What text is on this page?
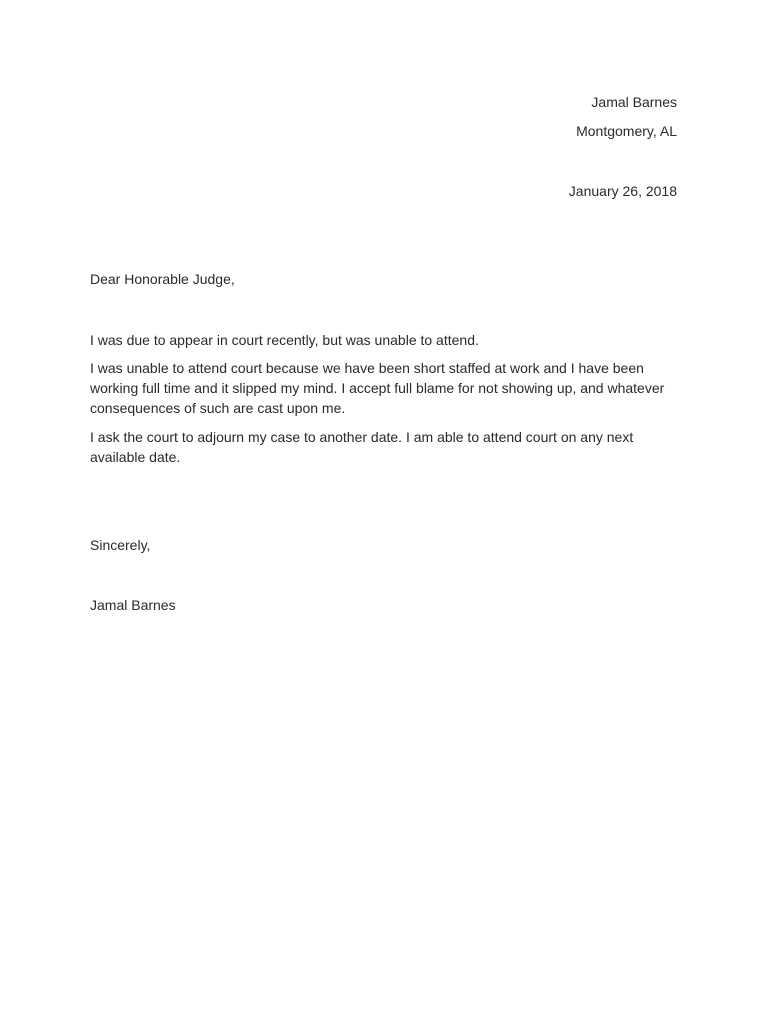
Jamal Barnes
Montgomery, AL
January 26, 2018
Dear Honorable Judge,
I was due to appear in court recently, but was unable to attend.
I was unable to attend court because we have been short staffed at work and I have been working full time and it slipped my mind. I accept full blame for not showing up, and whatever consequences of such are cast upon me.
I ask the court to adjourn my case to another date. I am able to attend court on any next available date.
Sincerely,
Jamal Barnes
